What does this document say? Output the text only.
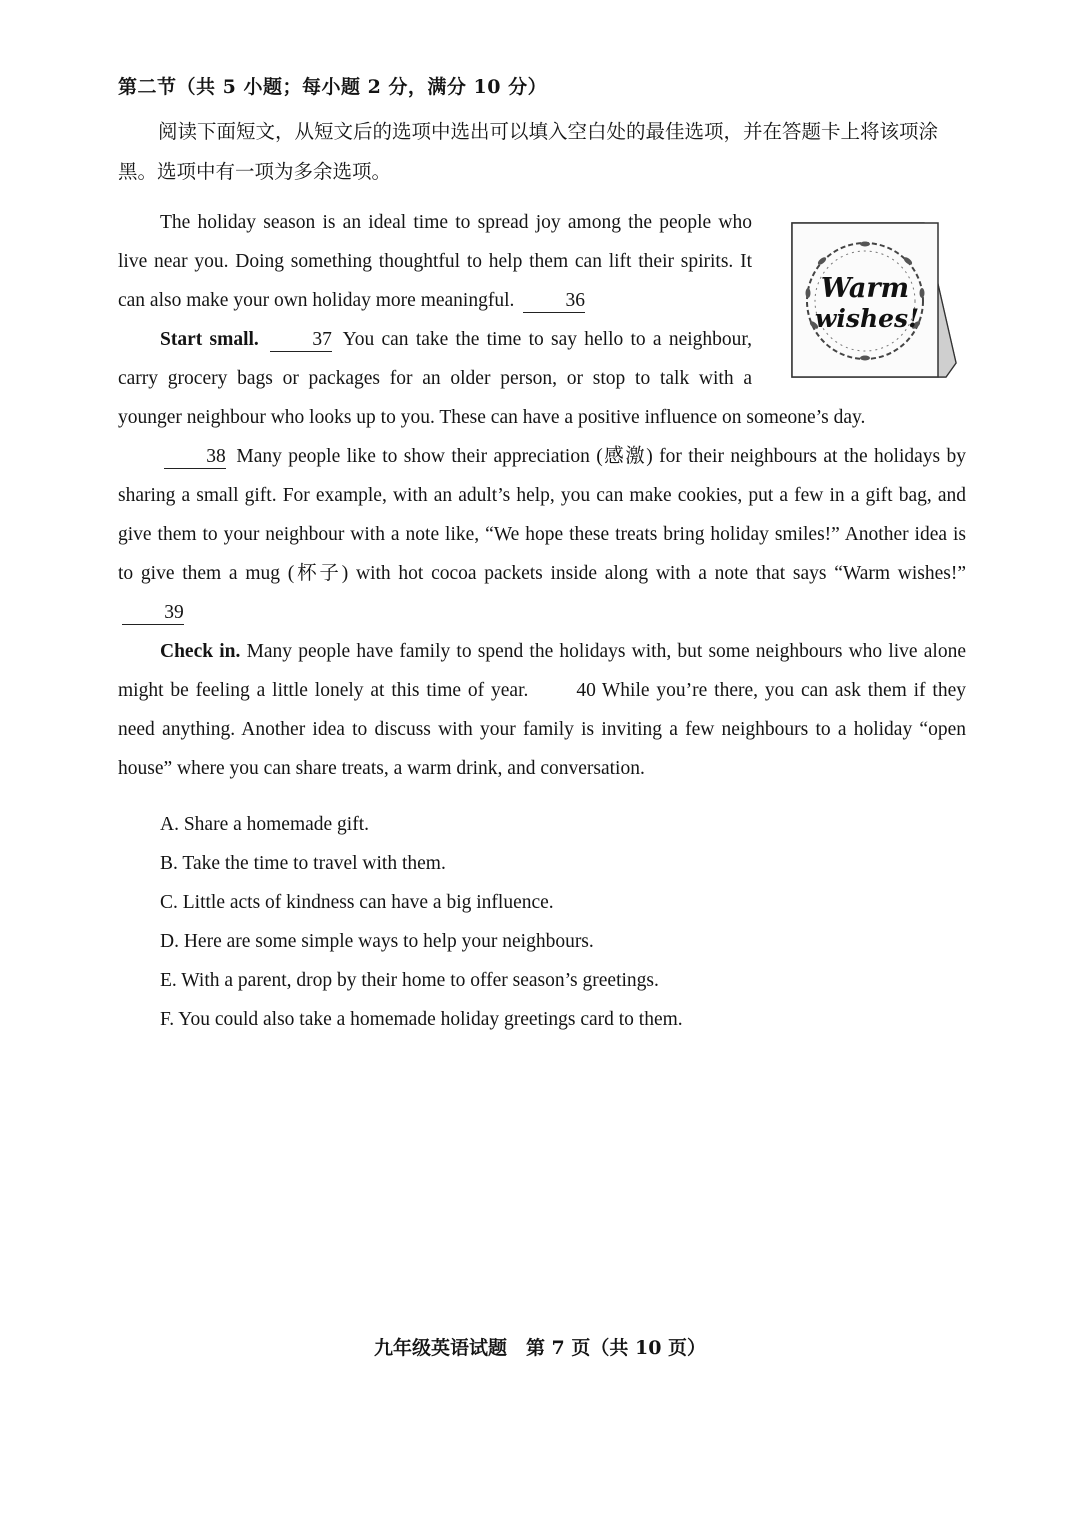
第二节（共 5 小题；每小题 2 分，满分 10 分）
阅读下面短文，从短文后的选项中选出可以填入空白处的最佳选项，并在答题卡上将该项涂黑。选项中有一项为多余选项。
Warm
wishes!

The holiday season is an ideal time to spread joy among the people who live near you. Doing something thoughtful to help them can lift their spirits. It can also make your own holiday more meaningful.	36

Start small.	37 You can take the time to say hello to a neighbour, carry grocery bags or packages for an older person, or stop to talk with a younger neighbour who looks up to you. These can have a positive influence on someone’s day.

38 Many people like to show their appreciation (感激) for their neighbours at the holidays by sharing a small gift. For example, with an adult’s help, you can make cookies, put a few in a gift bag, and give them to your neighbour with a note like, “We hope these treats bring holiday smiles!” Another idea is to give them a mug (杯子) with hot cocoa packets inside along with a note that says “Warm wishes!” 39

Check in. Many people have family to spend the holidays with, but some neighbours who live alone might be feeling a little lonely at this time of year. 40 While you’re there, you can ask them if they need anything. Another idea to discuss with your family is inviting a few neighbours to a holiday “open house” where you can share treats, a warm drink, and conversation.

A. Share a homemade gift.
B. Take the time to travel with them.
C. Little acts of kindness can have a big influence.
D. Here are some simple ways to help your neighbours.
E. With a parent, drop by their home to offer season’s greetings.
F. You could also take a homemade holiday greetings card to them.
九年级英语试题　第 7 页（共 10 页）
